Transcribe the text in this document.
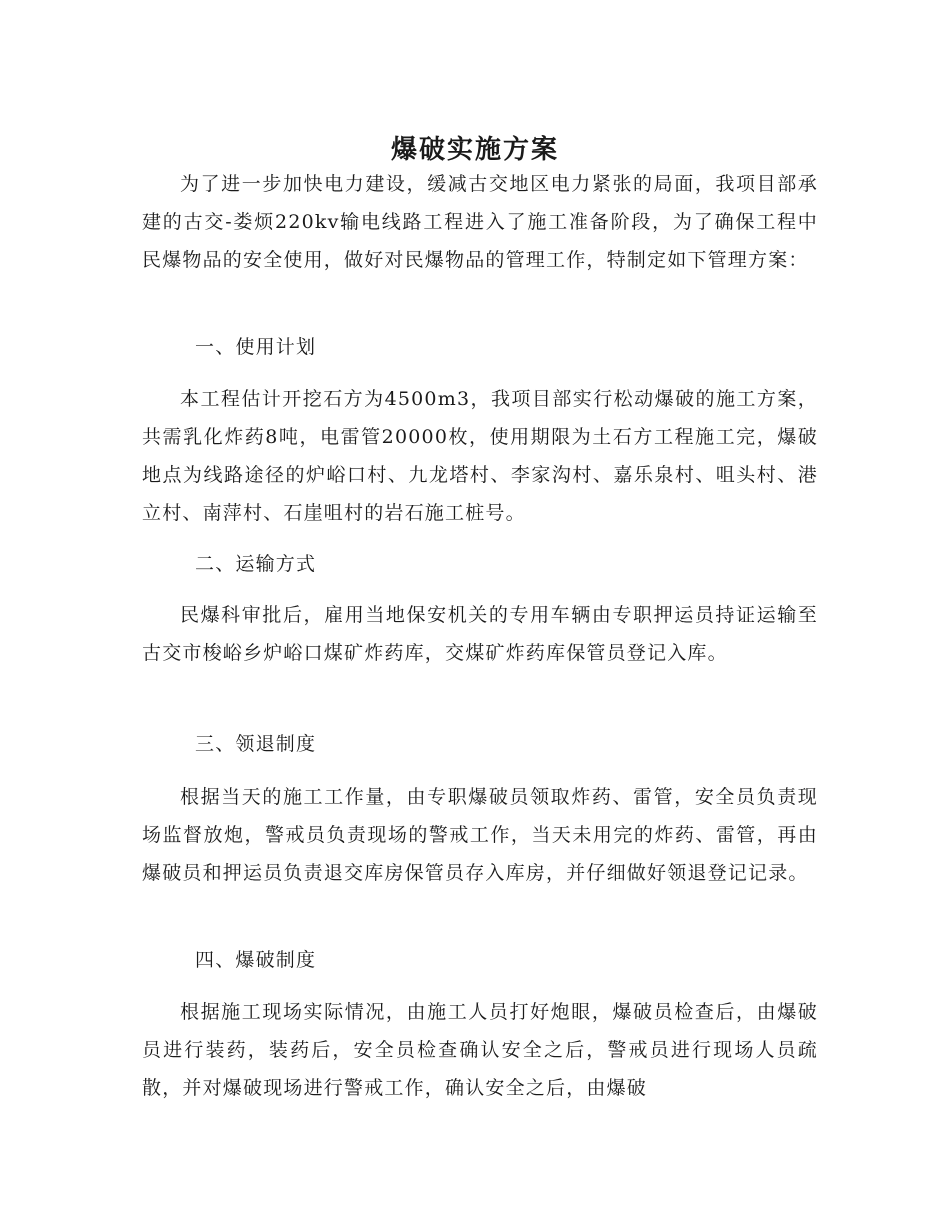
爆破实施方案

为了进一步加快电力建设，缓减古交地区电力紧张的局面，我项目部承建的古交-娄烦220kv输电线路工程进入了施工准备阶段，为了确保工程中民爆物品的安全使用，做好对民爆物品的管理工作，特制定如下管理方案：

一、使用计划

本工程估计开挖石方为4500m3，我项目部实行松动爆破的施工方案，共需乳化炸药8吨，电雷管20000枚，使用期限为土石方工程施工完，爆破地点为线路途径的炉峪口村、九龙塔村、李家沟村、嘉乐泉村、咀头村、港立村、南萍村、石崖咀村的岩石施工桩号。

二、运输方式

民爆科审批后，雇用当地保安机关的专用车辆由专职押运员持证运输至古交市梭峪乡炉峪口煤矿炸药库，交煤矿炸药库保管员登记入库。

三、领退制度

根据当天的施工工作量，由专职爆破员领取炸药、雷管，安全员负责现场监督放炮，警戒员负责现场的警戒工作，当天未用完的炸药、雷管，再由爆破员和押运员负责退交库房保管员存入库房，并仔细做好领退登记记录。

四、爆破制度

根据施工现场实际情况，由施工人员打好炮眼，爆破员检查后，由爆破员进行装药，装药后，安全员检查确认安全之后，警戒员进行现场人员疏散，并对爆破现场进行警戒工作，确认安全之后，由爆破
